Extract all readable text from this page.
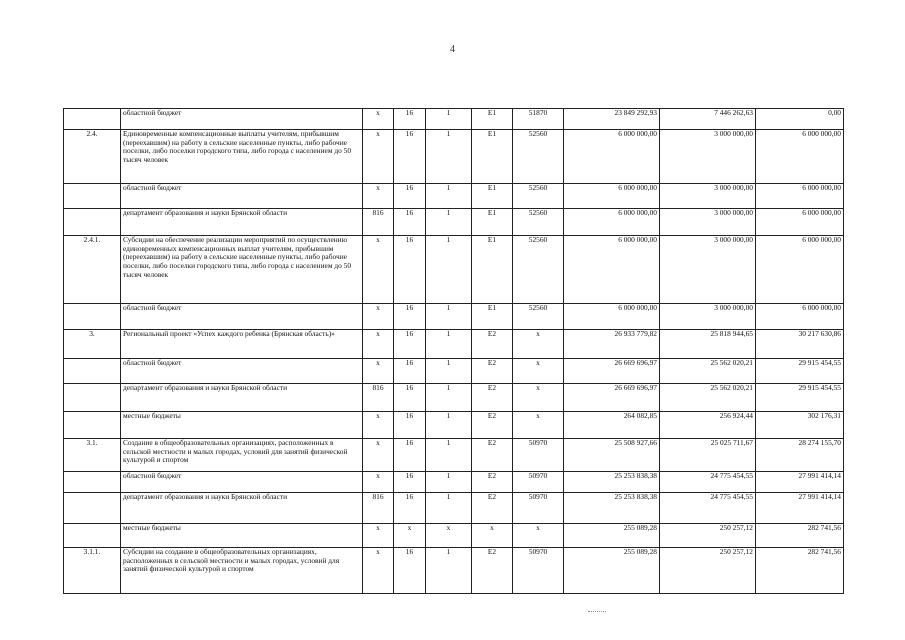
4
	областной бюджет	x	16	1	E1	51870	23 849 292,93	7 446 262,63	0,00
2.4.	Единовременные компенсационные выплаты учителям, прибывшим (переехавшим) на работу в сельские населенные пункты, либо рабочие поселки, либо поселки городского типа, либо города с населением до 50 тысяч человек	x	16	1	E1	52560	6 000 000,00	3 000 000,00	6 000 000,00
	областной бюджет	x	16	1	E1	52560	6 000 000,00	3 000 000,00	6 000 000,00
	департамент образования и науки Брянской области	816	16	1	E1	52560	6 000 000,00	3 000 000,00	6 000 000,00
2.4.1.	Субсидии на обеспечение реализации мероприятий по осуществлению единовременных компенсационных выплат учителям, прибывшим (переехавшим) на работу в сельские населенные пункты, либо рабочие поселки, либо поселки городского типа, либо города с населением до 50 тысяч человек	x	16	1	E1	52560	6 000 000,00	3 000 000,00	6 000 000,00
	областной бюджет	x	16	1	E1	52560	6 000 000,00	3 000 000,00	6 000 000,00
3.	Региональный проект «Успех каждого ребенка (Брянская область)»	x	16	1	E2	x	26 933 779,82	25 818 944,65	30 217 630,86
	областной бюджет	x	16	1	E2	x	26 669 696,97	25 562 020,21	29 915 454,55
	департамент образования и науки Брянской области	816	16	1	E2	x	26 669 696,97	25 562 020,21	29 915 454,55
	местные бюджеты	x	16	1	E2	x	264 082,85	256 924,44	302 176,31
3.1.	Создание в общеобразовательных организациях, расположенных в сельской местности и малых городах, условий для занятий физической культурой и спортом	x	16	1	E2	50970	25 508 927,66	25 025 711,67	28 274 155,70
	областной бюджет	x	16	1	E2	50970	25 253 838,38	24 775 454,55	27 991 414,14
	департамент образования и науки Брянской области	816	16	1	E2	50970	25 253 838,38	24 775 454,55	27 991 414,14
	местные бюджеты	x	x	x	x	x	255 089,28	250 257,12	282 741,56
3.1.1.	Субсидии на создание в общеобразовательных организациях, расположенных в сельской местности и малых городах, условий для занятий физической культурой и спортом	x	16	1	E2	50970	255 089,28	250 257,12	282 741,56
